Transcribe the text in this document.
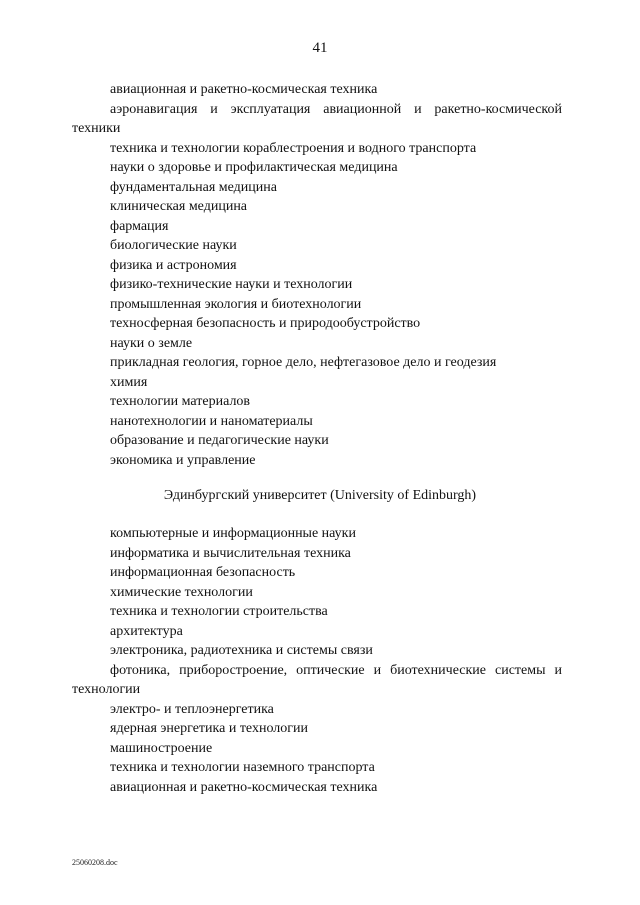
41
авиационная и ракетно-космическая техника
аэронавигация и эксплуатация авиационной и ракетно-космической техники
техника и технологии кораблестроения и водного транспорта
науки о здоровье и профилактическая медицина
фундаментальная медицина
клиническая медицина
фармация
биологические науки
физика и астрономия
физико-технические науки и технологии
промышленная экология и биотехнологии
техносферная безопасность и природообустройство
науки о земле
прикладная геология, горное дело, нефтегазовое дело и геодезия
химия
технологии материалов
нанотехнологии и наноматериалы
образование и педагогические науки
экономика и управление
Эдинбургский университет (University of Edinburgh)
компьютерные и информационные науки
информатика и вычислительная техника
информационная безопасность
химические технологии
техника и технологии строительства
архитектура
электроника, радиотехника и системы связи
фотоника, приборостроение, оптические и биотехнические системы и технологии
электро- и теплоэнергетика
ядерная энергетика и технологии
машиностроение
техника и технологии наземного транспорта
авиационная и ракетно-космическая техника
25060208.doc
